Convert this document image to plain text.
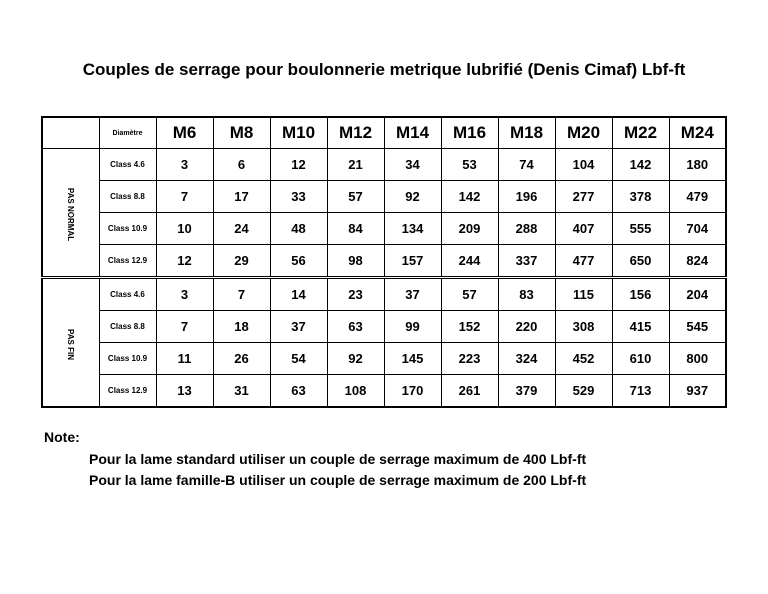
Couples de serrage pour boulonnerie metrique lubrifié (Denis Cimaf) Lbf-ft
	Diamètre	M6	M8	M10	M12	M14	M16	M18	M20	M22	M24
PAS NORMAL	Class 4.6	3	6	12	21	34	53	74	104	142	180
	Class 8.8	7	17	33	57	92	142	196	277	378	479
	Class 10.9	10	24	48	84	134	209	288	407	555	704
	Class 12.9	12	29	56	98	157	244	337	477	650	824
PAS FIN	Class 4.6	3	7	14	23	37	57	83	115	156	204
	Class 8.8	7	18	37	63	99	152	220	308	415	545
	Class 10.9	11	26	54	92	145	223	324	452	610	800
	Class 12.9	13	31	63	108	170	261	379	529	713	937
Note:
Pour la lame standard utiliser un couple de serrage maximum de 400 Lbf-ft
Pour la lame famille-B utiliser un couple de serrage maximum de 200 Lbf-ft
